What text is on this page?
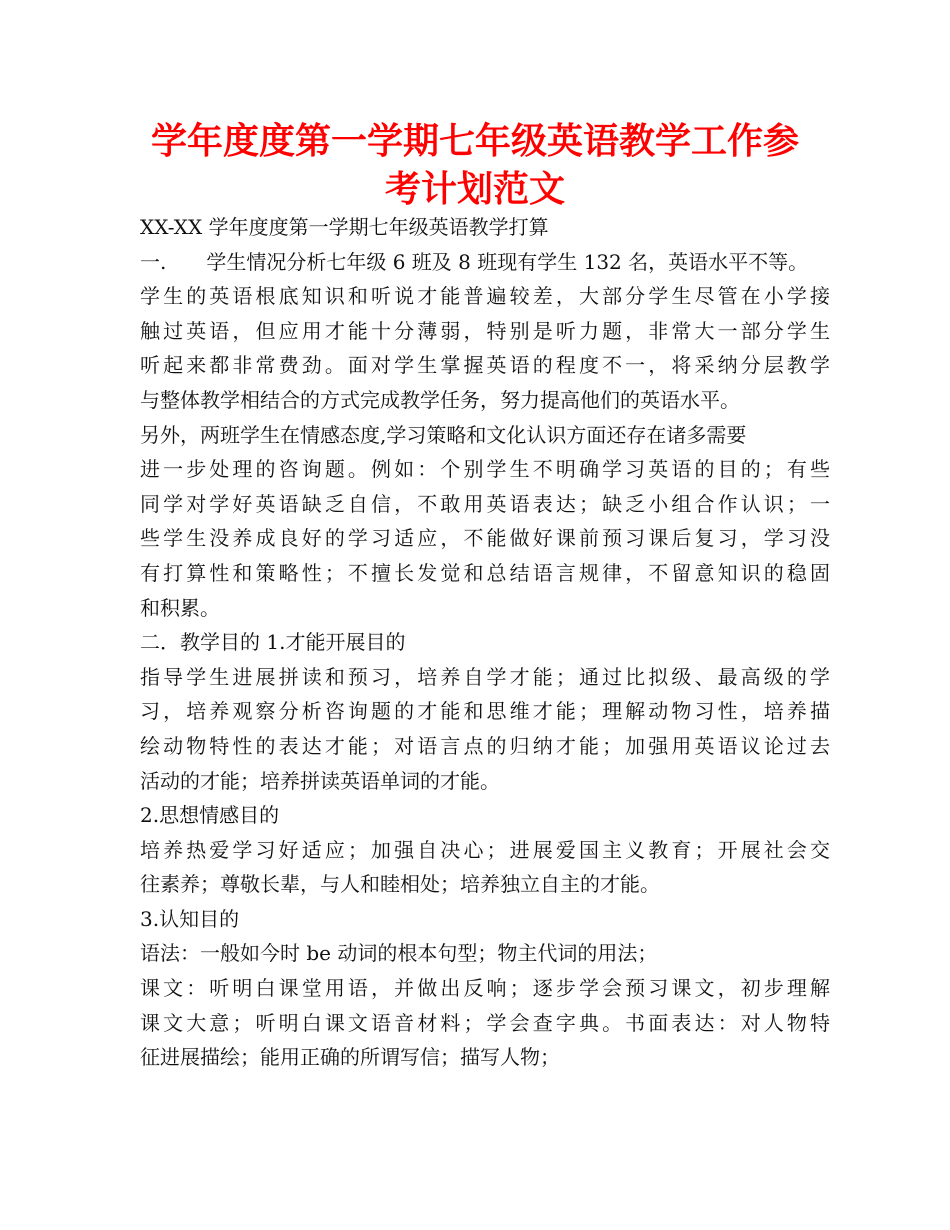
学年度度第一学期七年级英语教学工作参
考计划范文
XX-XX 学年度度第一学期七年级英语教学打算
一.　　学生情况分析七年级 6 班及 8 班现有学生 132 名，英语水平不等。
学生的英语根底知识和听说才能普遍较差，大部分学生尽管在小学接
触过英语，但应用才能十分薄弱，特别是听力题，非常大一部分学生
听起来都非常费劲。面对学生掌握英语的程度不一，将采纳分层教学
与整体教学相结合的方式完成教学任务，努力提高他们的英语水平。
另外，两班学生在情感态度,学习策略和文化认识方面还存在诸多需要
进一步处理的咨询题。例如：个别学生不明确学习英语的目的；有些
同学对学好英语缺乏自信，不敢用英语表达；缺乏小组合作认识；一
些学生没养成良好的学习适应，不能做好课前预习课后复习，学习没
有打算性和策略性；不擅长发觉和总结语言规律，不留意知识的稳固
和积累。
二．教学目的 1.才能开展目的
指导学生进展拼读和预习，培养自学才能；通过比拟级、最高级的学
习，培养观察分析咨询题的才能和思维才能；理解动物习性，培养描
绘动物特性的表达才能；对语言点的归纳才能；加强用英语议论过去
活动的才能；培养拼读英语单词的才能。
2.思想情感目的
培养热爱学习好适应；加强自决心；进展爱国主义教育；开展社会交
往素养；尊敬长辈，与人和睦相处；培养独立自主的才能。
3.认知目的
语法：一般如今时 be 动词的根本句型；物主代词的用法；
课文：听明白课堂用语，并做出反响；逐步学会预习课文，初步理解
课文大意；听明白课文语音材料；学会查字典。书面表达：对人物特
征进展描绘；能用正确的所谓写信；描写人物；
